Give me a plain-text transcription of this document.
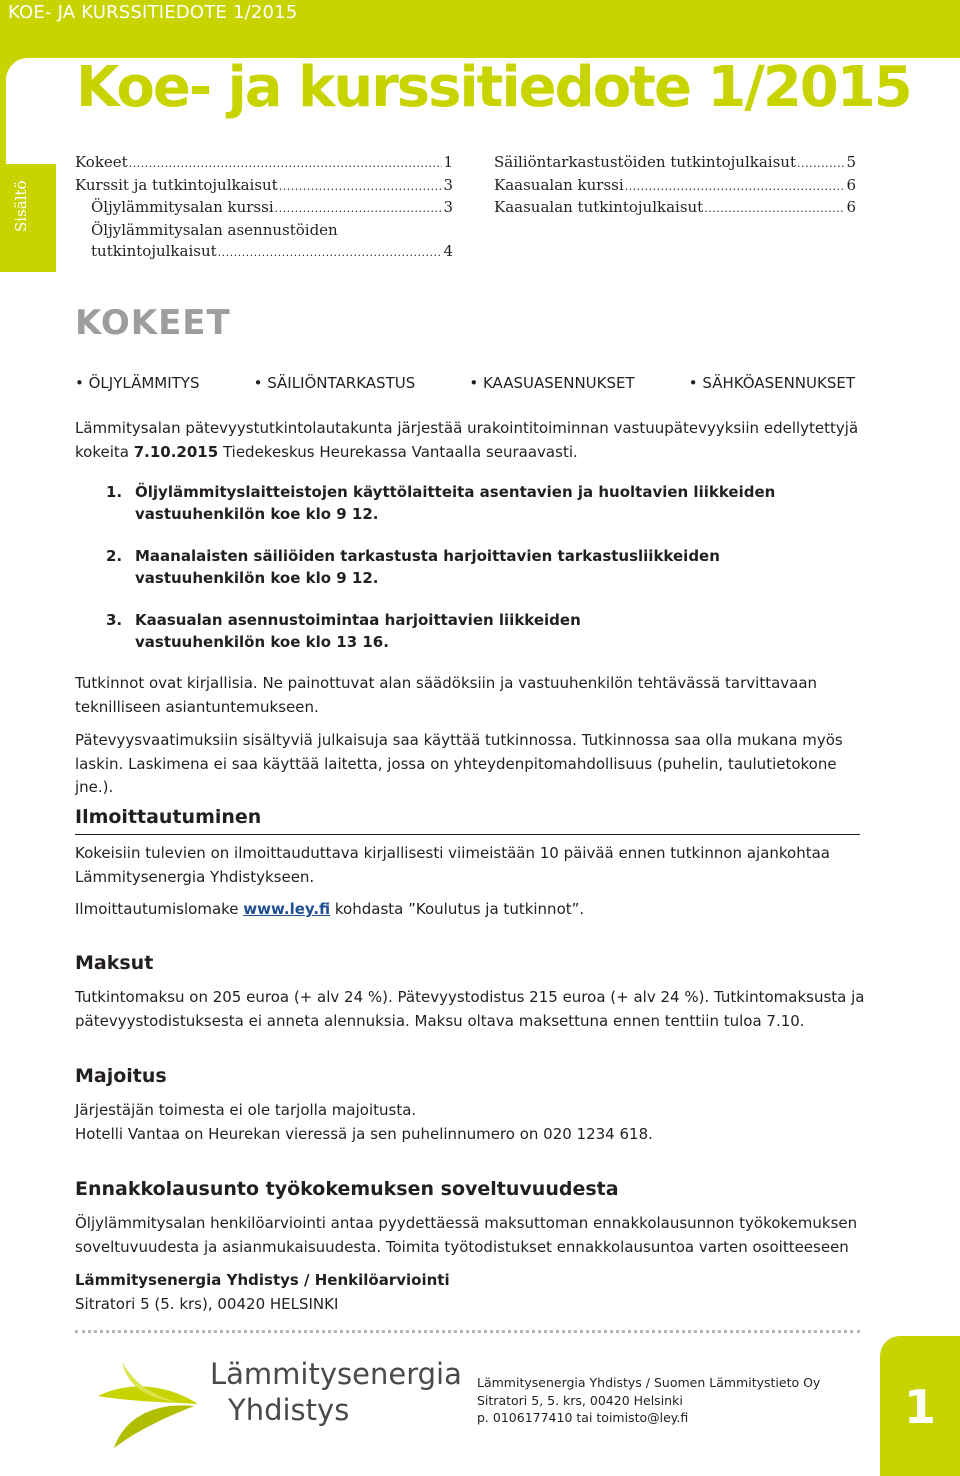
KOE- JA KURSSITIEDOTE 1/2015
Koe- ja kurssitiedote 1/2015
Sisältö
Kokeet .....	1
Kurssit ja tutkintojulkaisut .....	3
Öljylämmitysalan kurssi .....	3
Öljylämmitysalan asennustöiden
tutkintojulkaisut .....	4
Säiliöntarkastustöiden tutkintojulkaisut .....	5
Kaasualan kurssi .....	6
Kaasualan tutkintojulkaisut .....	6
KOKEET
• ÖLJYLÄMMITYS	• SÄILIÖNTARKASTUS	• KAASUASENNUKSET	• SÄHKÖASENNUKSET
Lämmitysalan pätevyystutkintolautakunta järjestää urakointitoiminnan vastuupätevyyksiin edellytettyjä
kokeita 7.10.2015 Tiedekeskus Heurekassa Vantaalla seuraavasti.
1. Öljylämmityslaitteistojen käyttölaitteita asentavien ja huoltavien liikkeiden
vastuuhenkilön koe klo 9 12.
2. Maanalaisten säiliöiden tarkastusta harjoittavien tarkastusliikkeiden
vastuuhenkilön koe klo 9 12.
3. Kaasualan asennustoimintaa harjoittavien liikkeiden
vastuuhenkilön koe klo 13 16.
Tutkinnot ovat kirjallisia. Ne painottuvat alan säädöksiin ja vastuuhenkilön tehtävässä tarvittavaan
teknilliseen asiantuntemukseen.
Pätevyysvaatimuksiin sisältyviä julkaisuja saa käyttää tutkinnossa. Tutkinnossa saa olla mukana myös
laskin. Laskimena ei saa käyttää laitetta, jossa on yhteydenpitomahdollisuus (puhelin, taulutietokone jne.).
Ilmoittautuminen
Kokeisiin tulevien on ilmoittauduttava kirjallisesti viimeistään 10 päivää ennen tutkinnon ajankohtaa
Lämmitysenergia Yhdistykseen.
Ilmoittautumislomake www.ley.fi kohdasta ”Koulutus ja tutkinnot”.
Maksut
Tutkintomaksu on 205 euroa (+ alv 24 %). Pätevyystodistus 215 euroa (+ alv 24 %). Tutkintomaksusta ja
pätevyystodistuksesta ei anneta alennuksia. Maksu oltava maksettuna ennen tenttiin tuloa 7.10.
Majoitus
Järjestäjän toimesta ei ole tarjolla majoitusta.
Hotelli Vantaa on Heurekan vieressä ja sen puhelinnumero on 020 1234 618.
Ennakkolausunto työkokemuksen soveltuvuudesta
Öljylämmitysalan henkilöarviointi antaa pyydettäessä maksuttoman ennakkolausunnon työkokemuksen
soveltuvuudesta ja asianmukaisuudesta. Toimita työtodistukset ennakkolausuntoa varten osoitteeseen
Lämmitysenergia Yhdistys / Henkilöarviointi
Sitratori 5 (5. krs), 00420 HELSINKI
Lämmitysenergia
Yhdistys
Lämmitysenergia Yhdistys / Suomen Lämmitystieto Oy
Sitratori 5, 5. krs, 00420 Helsinki
p. 0106177410 tai toimisto@ley.fi	1
